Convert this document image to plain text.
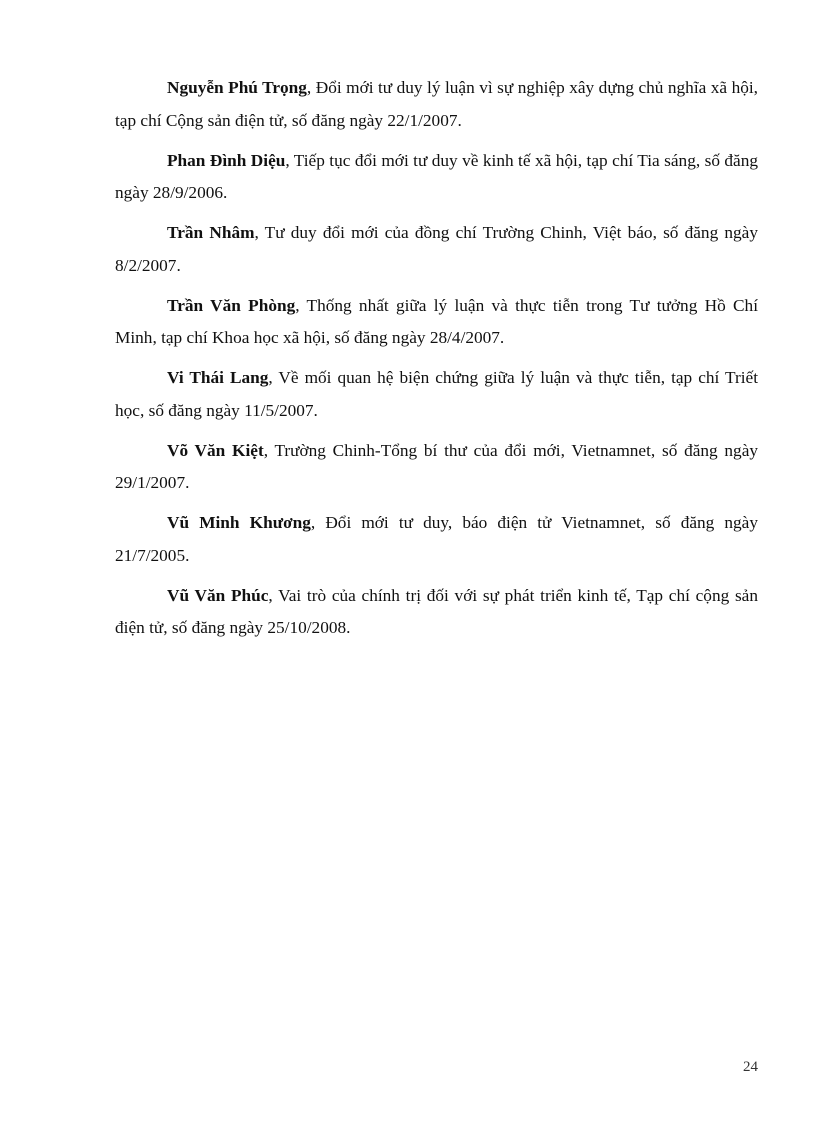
Nguyễn Phú Trọng, Đổi mới tư duy lý luận vì sự nghiệp xây dựng chủ nghĩa xã hội, tạp chí Cộng sản điện tử, số đăng ngày 22/1/2007.

Phan Đình Diệu, Tiếp tục đổi mới tư duy về kinh tế xã hội, tạp chí Tia sáng, số đăng ngày 28/9/2006.

Trần Nhâm, Tư duy đổi mới của đồng chí Trường Chinh, Việt báo, số đăng ngày 8/2/2007.

Trần Văn Phòng, Thống nhất giữa lý luận và thực tiễn trong Tư tưởng Hồ Chí Minh, tạp chí Khoa học xã hội, số đăng ngày 28/4/2007.

Vi Thái Lang, Về mối quan hệ biện chứng giữa lý luận và thực tiễn, tạp chí Triết học, số đăng ngày 11/5/2007.

Võ Văn Kiệt, Trường Chinh-Tổng bí thư của đổi mới, Vietnamnet, số đăng ngày 29/1/2007.

Vũ Minh Khương, Đổi mới tư duy, báo điện tử Vietnamnet, số đăng ngày 21/7/2005.

Vũ Văn Phúc, Vai trò của chính trị đối với sự phát triển kinh tế, Tạp chí cộng sản điện tử, số đăng ngày 25/10/2008.

24
